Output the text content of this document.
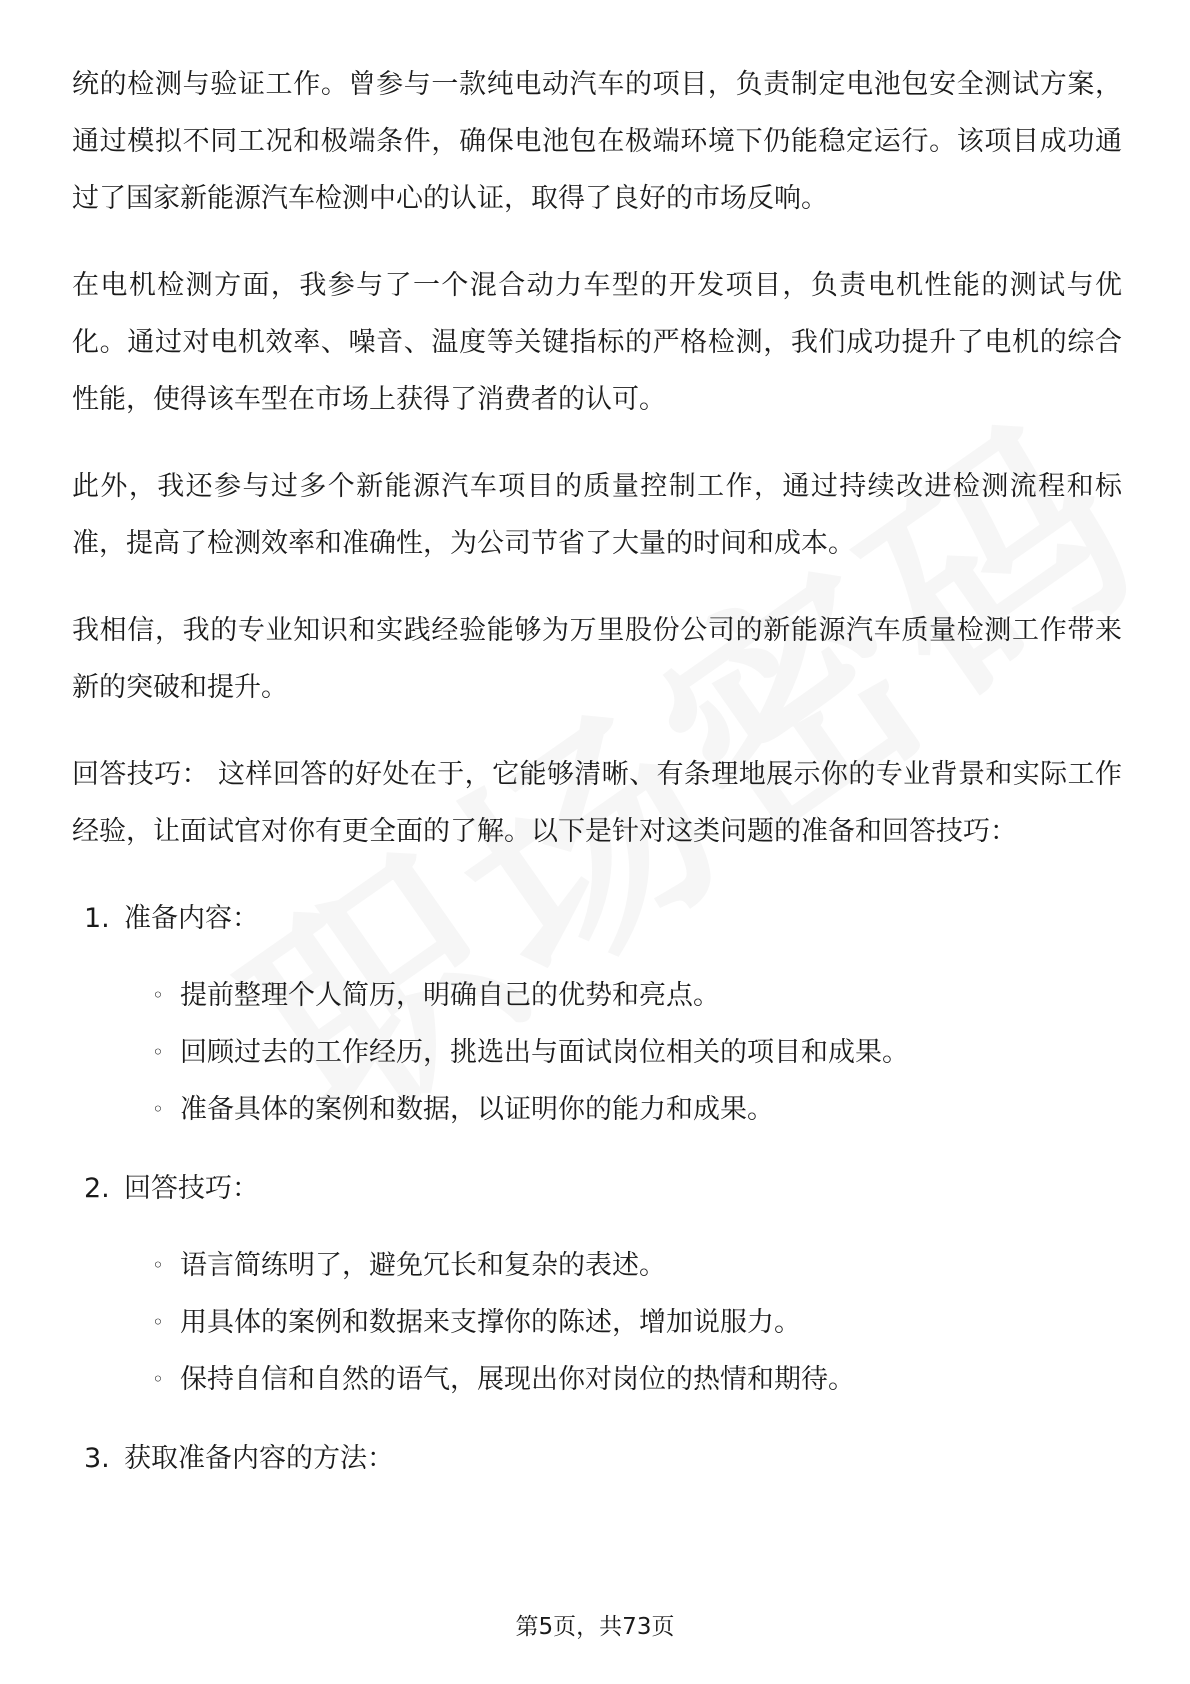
统的检测与验证工作。曾参与一款纯电动汽车的项目，负责制定电池包安全测试方案，通过模拟不同工况和极端条件，确保电池包在极端环境下仍能稳定运行。该项目成功通过了国家新能源汽车检测中心的认证，取得了良好的市场反响。

在电机检测方面，我参与了一个混合动力车型的开发项目，负责电机性能的测试与优化。通过对电机效率、噪音、温度等关键指标的严格检测，我们成功提升了电机的综合性能，使得该车型在市场上获得了消费者的认可。

此外，我还参与过多个新能源汽车项目的质量控制工作，通过持续改进检测流程和标准，提高了检测效率和准确性，为公司节省了大量的时间和成本。

我相信，我的专业知识和实践经验能够为万里股份公司的新能源汽车质量检测工作带来新的突破和提升。

回答技巧： 这样回答的好处在于，它能够清晰、有条理地展示你的专业背景和实际工作经验，让面试官对你有更全面的了解。以下是针对这类问题的准备和回答技巧：

1. 准备内容：
◦ 提前整理个人简历，明确自己的优势和亮点。
◦ 回顾过去的工作经历，挑选出与面试岗位相关的项目和成果。
◦ 准备具体的案例和数据，以证明你的能力和成果。
2. 回答技巧：
◦ 语言简练明了，避免冗长和复杂的表述。
◦ 用具体的案例和数据来支撑你的陈述，增加说服力。
◦ 保持自信和自然的语气，展现出你对岗位的热情和期待。
3. 获取准备内容的方法：
第5页，共73页
